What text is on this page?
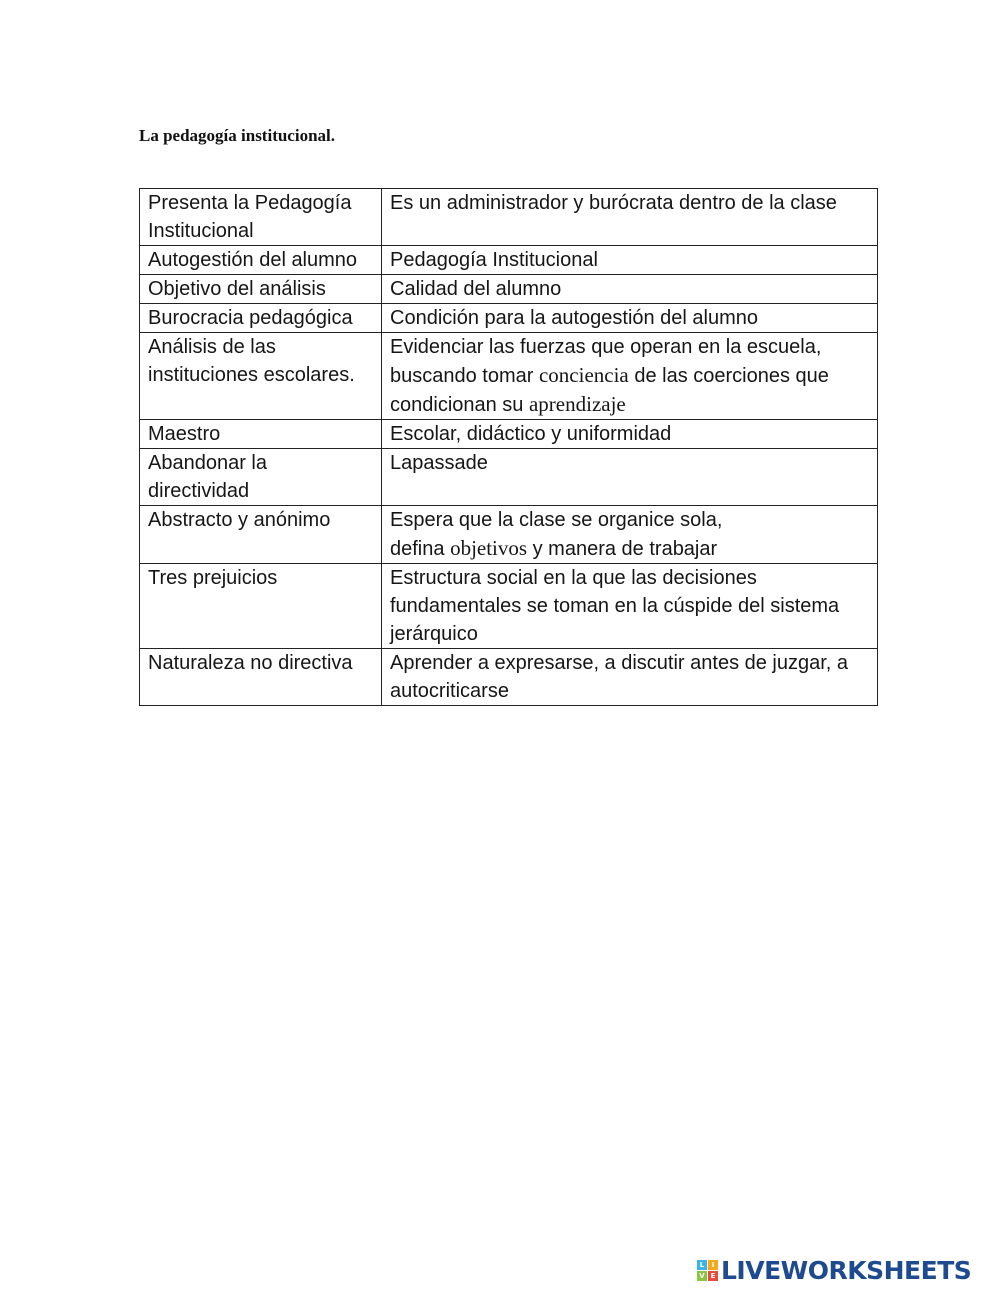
La pedagogía institucional.
Presenta la Pedagogía Institucional	Es un administrador y burócrata dentro de la clase
Autogestión del alumno	Pedagogía Institucional
Objetivo del análisis	Calidad del alumno
Burocracia pedagógica	Condición para la autogestión del alumno
Análisis de las instituciones escolares.	Evidenciar las fuerzas que operan en la escuela, buscando tomar conciencia de las coerciones que condicionan su aprendizaje
Maestro	Escolar, didáctico y uniformidad
Abandonar la directividad	Lapassade
Abstracto y anónimo	Espera que la clase se organice sola,
defina objetivos y manera de trabajar
Tres prejuicios	Estructura social en la que las decisiones fundamentales se toman en la cúspide del sistema jerárquico
Naturaleza no directiva	Aprender a expresarse, a discutir antes de juzgar, a autocriticarse
L	I
V E LIVEWORKSHEETS
